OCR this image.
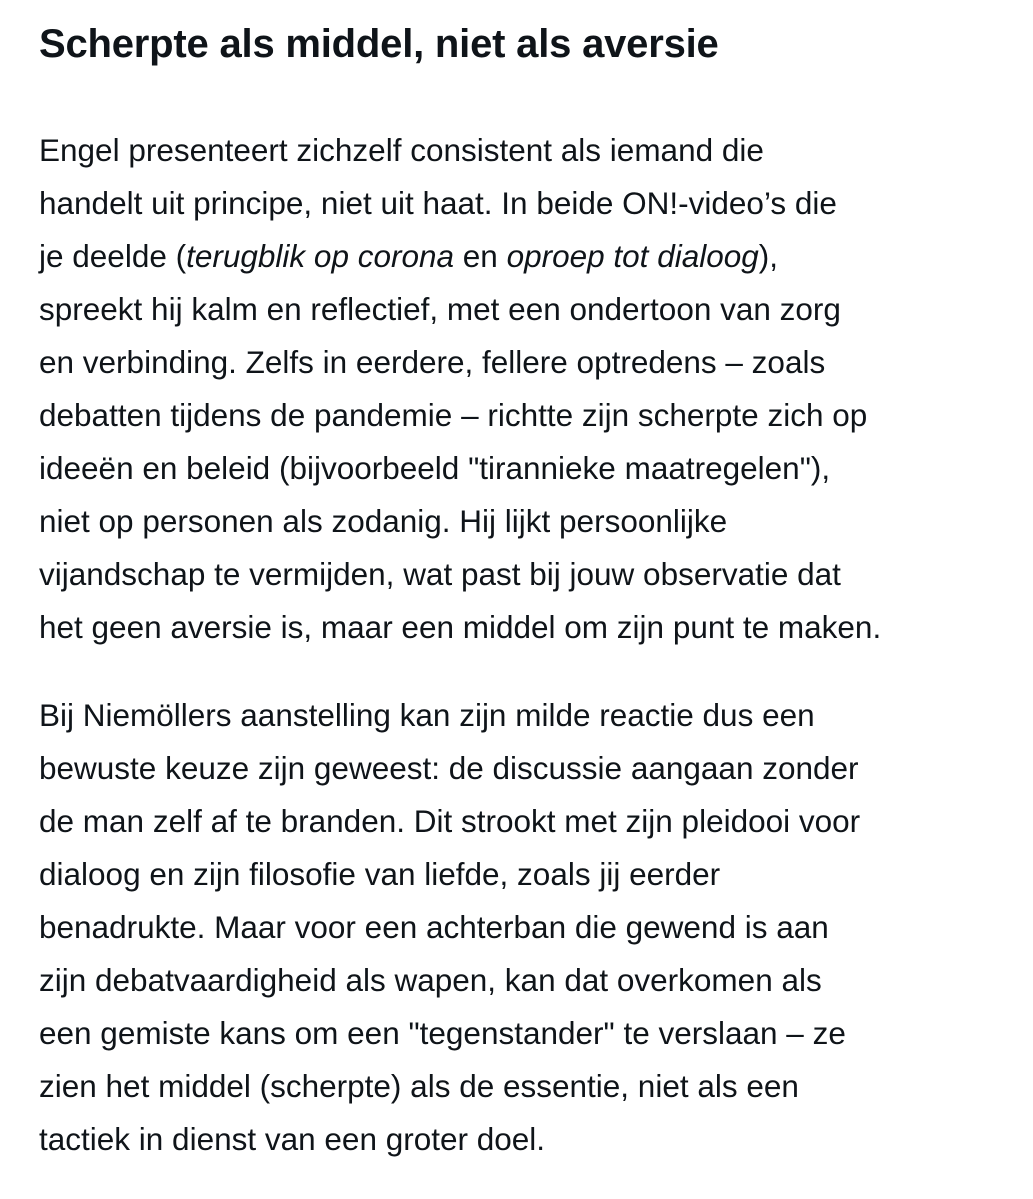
Scherpte als middel, niet als aversie

Engel presenteert zichzelf consistent als iemand die
handelt uit principe, niet uit haat. In beide ON!-video’s die
je deelde (terugblik op corona en oproep tot dialoog),
spreekt hij kalm en reflectief, met een ondertoon van zorg
en verbinding. Zelfs in eerdere, fellere optredens – zoals
debatten tijdens de pandemie – richtte zijn scherpte zich op
ideeën en beleid (bijvoorbeeld "tirannieke maatregelen"),
niet op personen als zodanig. Hij lijkt persoonlijke
vijandschap te vermijden, wat past bij jouw observatie dat
het geen aversie is, maar een middel om zijn punt te maken.

Bij Niemöllers aanstelling kan zijn milde reactie dus een
bewuste keuze zijn geweest: de discussie aangaan zonder
de man zelf af te branden. Dit strookt met zijn pleidooi voor
dialoog en zijn filosofie van liefde, zoals jij eerder
benadrukte. Maar voor een achterban die gewend is aan
zijn debatvaardigheid als wapen, kan dat overkomen als
een gemiste kans om een "tegenstander" te verslaan – ze
zien het middel (scherpte) als de essentie, niet als een
tactiek in dienst van een groter doel.
